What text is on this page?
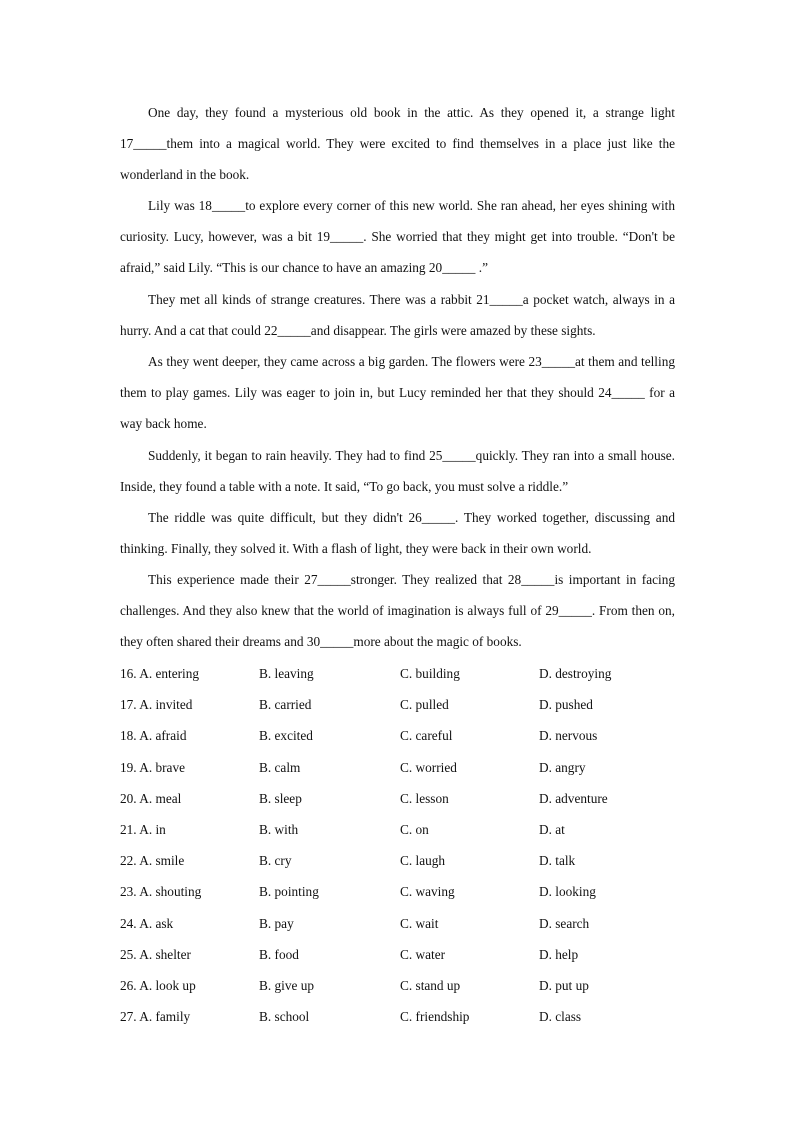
One day, they found a mysterious old book in the attic. As they opened it, a strange light 17_____them into a magical world. They were excited to find themselves in a place just like the wonderland in the book.

Lily was 18_____to explore every corner of this new world. She ran ahead, her eyes shining with curiosity. Lucy, however, was a bit 19_____. She worried that they might get into trouble. “Don't be afraid,” said Lily. “This is our chance to have an amazing 20_____ .”

They met all kinds of strange creatures. There was a rabbit 21_____a pocket watch, always in a hurry. And a cat that could 22_____and disappear. The girls were amazed by these sights.

As they went deeper, they came across a big garden. The flowers were 23_____at them and telling them to play games. Lily was eager to join in, but Lucy reminded her that they should 24_____ for a way back home.

Suddenly, it began to rain heavily. They had to find 25_____quickly. They ran into a small house. Inside, they found a table with a note. It said, “To go back, you must solve a riddle.”

The riddle was quite difficult, but they didn't 26_____. They worked together, discussing and thinking. Finally, they solved it. With a flash of light, they were back in their own world.

This experience made their 27_____stronger. They realized that 28_____is important in facing challenges. And they also knew that the world of imagination is always full of 29_____. From then on, they often shared their dreams and 30_____more about the magic of books.

16. A. entering	B. leaving	C. building	D. destroying
17. A. invited	B. carried	C. pulled	D. pushed
18. A. afraid	B. excited	C. careful	D. nervous
19. A. brave	B. calm	C. worried	D. angry
20. A. meal	B. sleep	C. lesson	D. adventure
21. A. in	B. with	C. on	D. at
22. A. smile	B. cry	C. laugh	D. talk
23. A. shouting	B. pointing	C. waving	D. looking
24. A. ask	B. pay	C. wait	D. search
25. A. shelter	B. food	C. water	D. help
26. A. look up	B. give up	C. stand up	D. put up
27. A. family	B. school	C. friendship	D. class
